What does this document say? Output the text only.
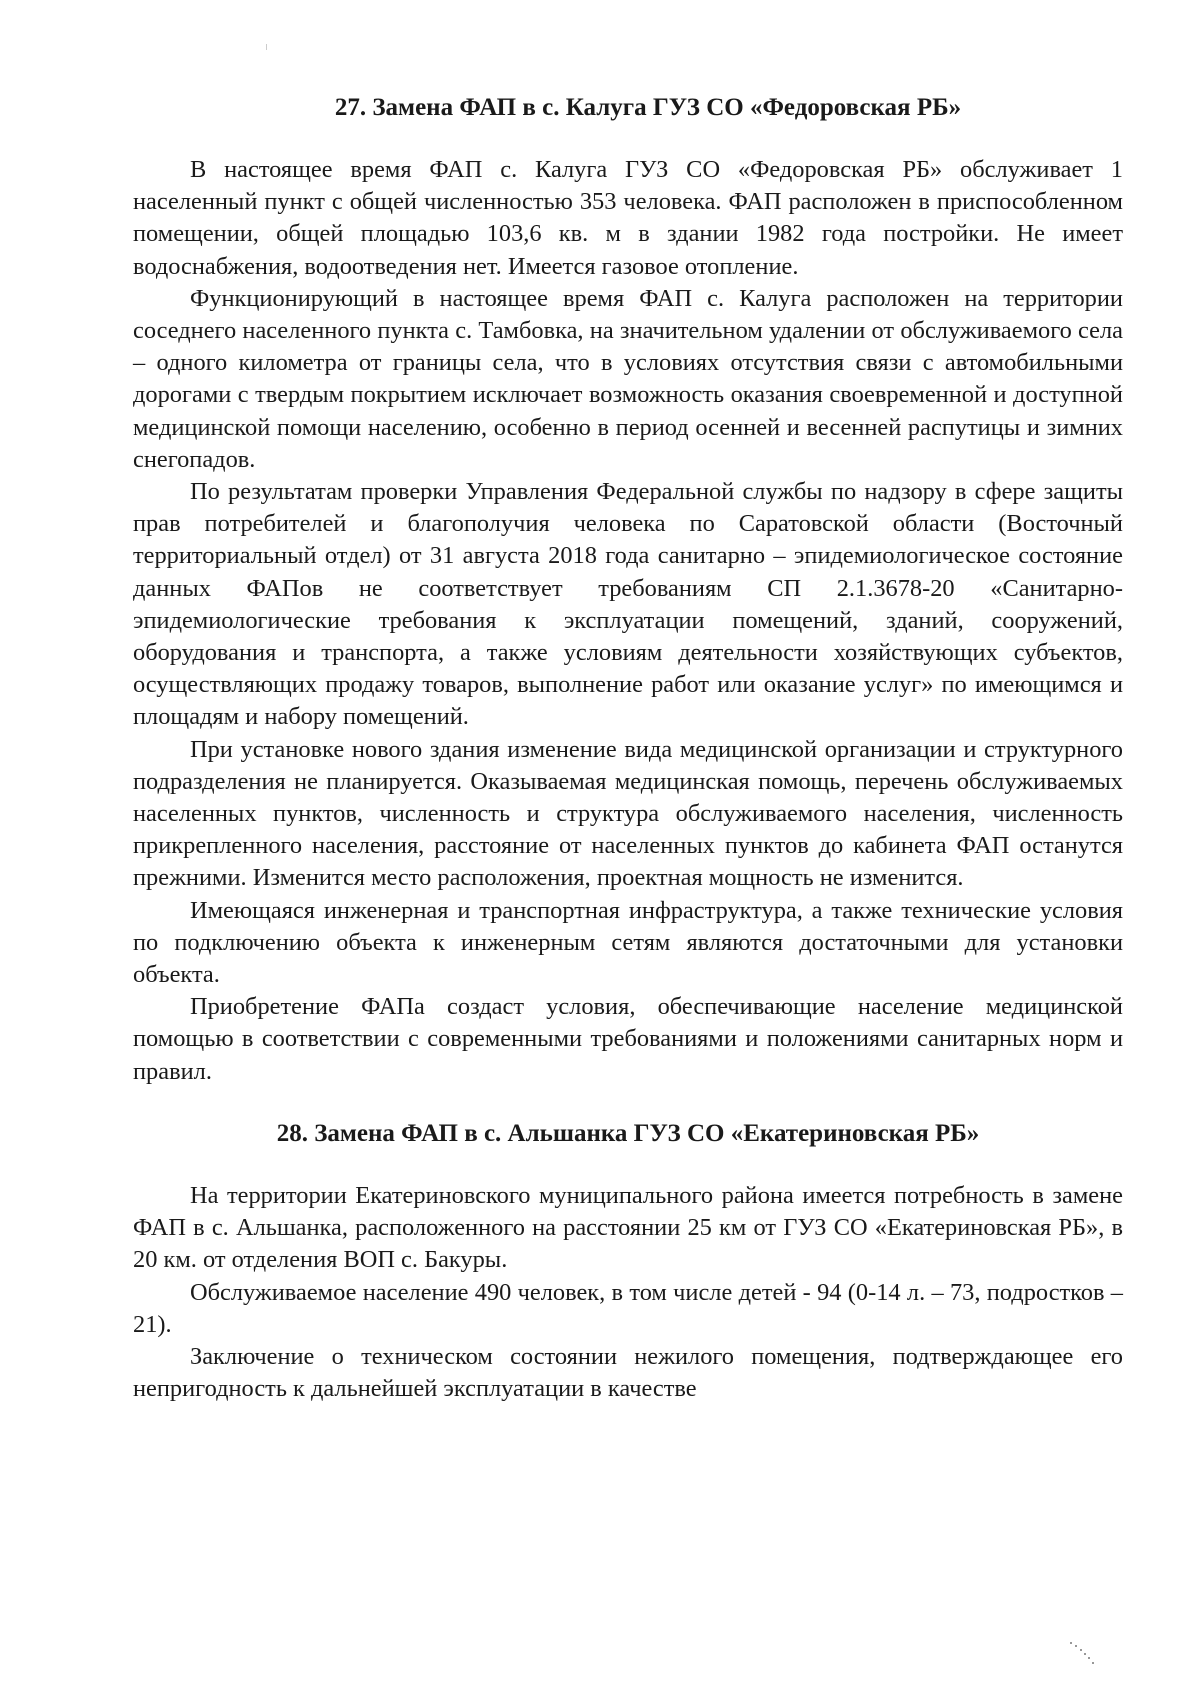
27. Замена ФАП в с. Калуга ГУЗ СО «Федоровская РБ»

В настоящее время ФАП с. Калуга ГУЗ СО «Федоровская РБ» обслуживает 1 населенный пункт с общей численностью 353 человека. ФАП расположен в приспособленном помещении, общей площадью 103,6 кв. м в здании 1982 года постройки. Не имеет водоснабжения, водоотведения нет. Имеется газовое отопление.

Функционирующий в настоящее время ФАП с. Калуга расположен на территории соседнего населенного пункта с. Тамбовка, на значительном удалении от обслуживаемого села – одного километра от границы села, что в условиях отсутствия связи с автомобильными дорогами с твердым покрытием исключает возможность оказания своевременной и доступной медицинской помощи населению, особенно в период осенней и весенней распутицы и зимних снегопадов.

По результатам проверки Управления Федеральной службы по надзору в сфере защиты прав потребителей и благополучия человека по Саратовской области (Восточный территориальный отдел) от 31 августа 2018 года санитарно – эпидемиологическое состояние данных ФАПов не соответствует требованиям СП 2.1.3678-20 «Санитарно-эпидемиологические требования к эксплуатации помещений, зданий, сооружений, оборудования и транспорта, а также условиям деятельности хозяйствующих субъектов, осуществляющих продажу товаров, выполнение работ или оказание услуг» по имеющимся и площадям и набору помещений.

При установке нового здания изменение вида медицинской организации и структурного подразделения не планируется. Оказываемая медицинская помощь, перечень обслуживаемых населенных пунктов, численность и структура обслуживаемого населения, численность прикрепленного населения, расстояние от населенных пунктов до кабинета ФАП останутся прежними. Изменится место расположения, проектная мощность не изменится.

Имеющаяся инженерная и транспортная инфраструктура, а также технические условия по подключению объекта к инженерным сетям являются достаточными для установки объекта.

Приобретение ФАПа создаст условия, обеспечивающие население медицинской помощью в соответствии с современными требованиями и положениями санитарных норм и правил.

28. Замена ФАП в с. Альшанка ГУЗ СО «Екатериновская РБ»

На территории Екатериновского муниципального района имеется потребность в замене ФАП в с. Альшанка, расположенного на расстоянии 25 км от ГУЗ СО «Екатериновская РБ», в 20 км. от отделения ВОП с. Бакуры.

Обслуживаемое население 490 человек, в том числе детей - 94 (0-14 л. – 73, подростков – 21).

Заключение о техническом состоянии нежилого помещения, подтверждающее его непригодность к дальнейшей эксплуатации в качестве
